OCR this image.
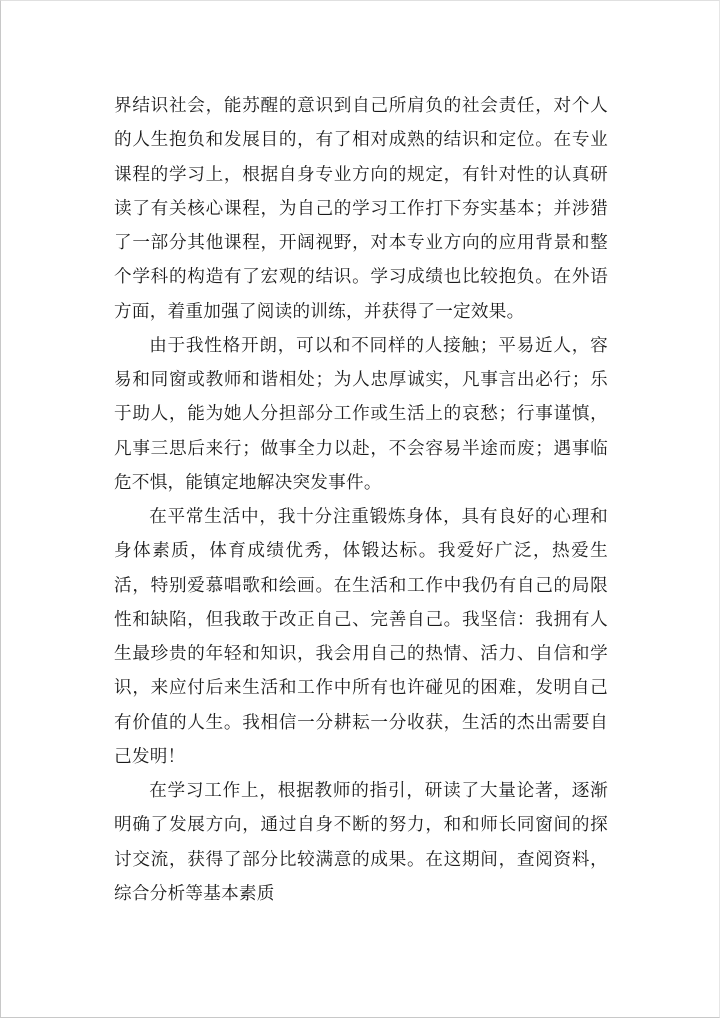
界结识社会，能苏醒的意识到自己所肩负的社会责任，对个人的人生抱负和发展目的，有了相对成熟的结识和定位。在专业课程的学习上，根据自身专业方向的规定，有针对性的认真研读了有关核心课程，为自己的学习工作打下夯实基本；并涉猎了一部分其他课程，开阔视野，对本专业方向的应用背景和整个学科的构造有了宏观的结识。学习成绩也比较抱负。在外语方面，着重加强了阅读的训练，并获得了一定效果。

由于我性格开朗，可以和不同样的人接触；平易近人，容易和同窗或教师和谐相处；为人忠厚诚实，凡事言出必行；乐于助人，能为她人分担部分工作或生活上的哀愁；行事谨慎，凡事三思后来行；做事全力以赴，不会容易半途而废；遇事临危不惧，能镇定地解决突发事件。

在平常生活中，我十分注重锻炼身体，具有良好的心理和身体素质，体育成绩优秀，体锻达标。我爱好广泛，热爱生活，特别爱慕唱歌和绘画。在生活和工作中我仍有自己的局限性和缺陷，但我敢于改正自己、完善自己。我坚信：我拥有人生最珍贵的年轻和知识，我会用自己的热情、活力、自信和学识，来应付后来生活和工作中所有也许碰见的困难，发明自己有价值的人生。我相信一分耕耘一分收获，生活的杰出需要自己发明！

在学习工作上，根据教师的指引，研读了大量论著，逐渐明确了发展方向，通过自身不断的努力，和和师长同窗间的探讨交流，获得了部分比较满意的成果。在这期间，查阅资料，综合分析等基本素质
